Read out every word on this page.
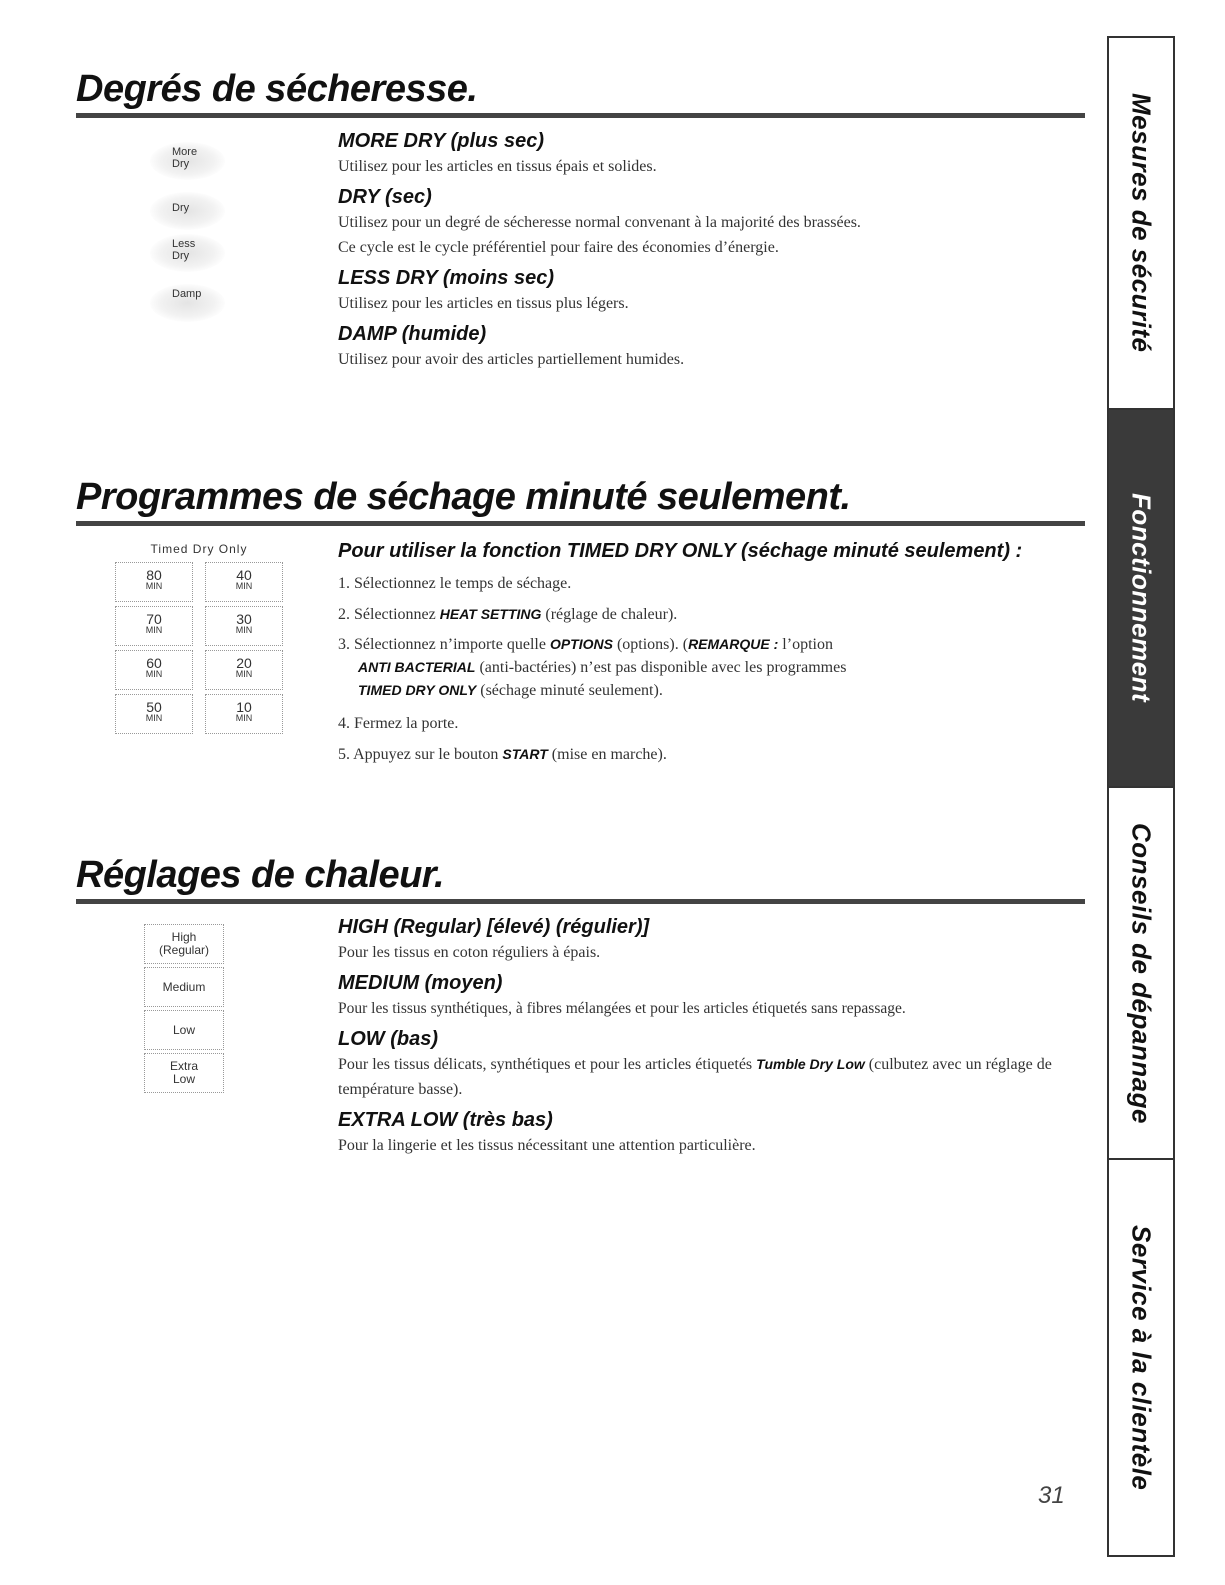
Degrés de sécheresse.
More
Dry
Dry
Less
Dry
Damp
MORE DRY (plus sec)

Utilisez pour les articles en tissus épais et solides.

DRY (sec)

Utilisez pour un degré de sécheresse normal convenant à la majorité des brassées.

Ce cycle est le cycle préférentiel pour faire des économies d’énergie.

LESS DRY (moins sec)

Utilisez pour les articles en tissus plus légers.

DAMP (humide)

Utilisez pour avoir des articles partiellement humides.

Programmes de séchage minuté seulement.
Timed Dry Only
80
MIN
40
MIN
70
MIN
30
MIN
60
MIN
20
MIN
50
MIN
10
MIN
Pour utiliser la fonction TIMED DRY ONLY (séchage minuté seulement) :
1. Sélectionnez le temps de séchage.
2. Sélectionnez HEAT SETTING (réglage de chaleur).
3. Sélectionnez n’importe quelle OPTIONS (options). (REMARQUE : l’option
ANTI BACTERIAL (anti-bactéries) n’est pas disponible avec les programmes
TIMED DRY ONLY (séchage minuté seulement).
4. Fermez la porte.
5. Appuyez sur le bouton START (mise en marche).
Réglages de chaleur.
High
(Regular)
Medium
Low
Extra
Low
HIGH (Regular) [élevé) (régulier)]

Pour les tissus en coton réguliers à épais.

MEDIUM (moyen)

Pour les tissus synthétiques, à fibres mélangées et pour les articles étiquetés sans repassage.

LOW (bas)

Pour les tissus délicats, synthétiques et pour les articles étiquetés Tumble Dry Low (culbutez avec un réglage de température basse).

EXTRA LOW (très bas)

Pour la lingerie et les tissus nécessitant une attention particulière.

Mesures de sécurité
Fonctionnement
Conseils de dépannage
Service à la clientèle
31
